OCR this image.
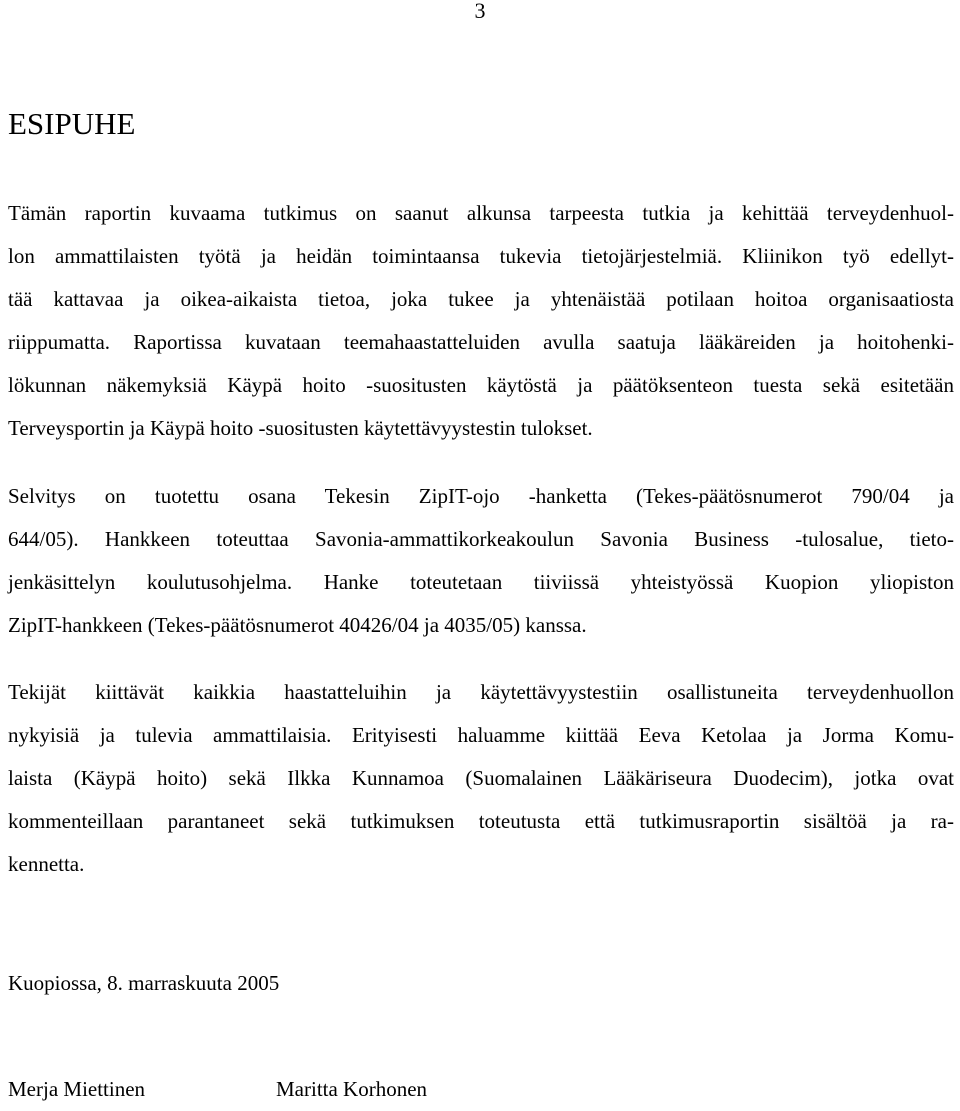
3
ESIPUHE

Tämän raportin kuvaama tutkimus on saanut alkunsa tarpeesta tutkia ja kehittää terveydenhuol-
lon ammattilaisten työtä ja heidän toimintaansa tukevia tietojärjestelmiä. Kliinikon työ edellyt-
tää kattavaa ja oikea-aikaista tietoa, joka tukee ja yhtenäistää potilaan hoitoa organisaatiosta
riippumatta. Raportissa kuvataan teemahaastatteluiden avulla saatuja lääkäreiden ja hoitohenki-
lökunnan näkemyksiä Käypä hoito -suositusten käytöstä ja päätöksenteon tuesta sekä esitetään
Terveysportin ja Käypä hoito -suositusten käytettävyystestin tulokset.

Selvitys on tuotettu osana Tekesin ZipIT-ojo -hanketta (Tekes-päätösnumerot 790/04 ja
644/05). Hankkeen toteuttaa Savonia-ammattikorkeakoulun Savonia Business -tulosalue, tieto-
jenkäsittelyn koulutusohjelma. Hanke toteutetaan tiiviissä yhteistyössä Kuopion yliopiston
ZipIT-hankkeen (Tekes-päätösnumerot 40426/04 ja 4035/05) kanssa.

Tekijät kiittävät kaikkia haastatteluihin ja käytettävyystestiin osallistuneita terveydenhuollon
nykyisiä ja tulevia ammattilaisia. Erityisesti haluamme kiittää Eeva Ketolaa ja Jorma Komu-
laista (Käypä hoito) sekä Ilkka Kunnamoa (Suomalainen Lääkäriseura Duodecim), jotka ovat
kommenteillaan parantaneet sekä tutkimuksen toteutusta että tutkimusraportin sisältöä ja ra-
kennetta.

Kuopiossa, 8. marraskuuta 2005

Merja Miettinen	Maritta Korhonen
